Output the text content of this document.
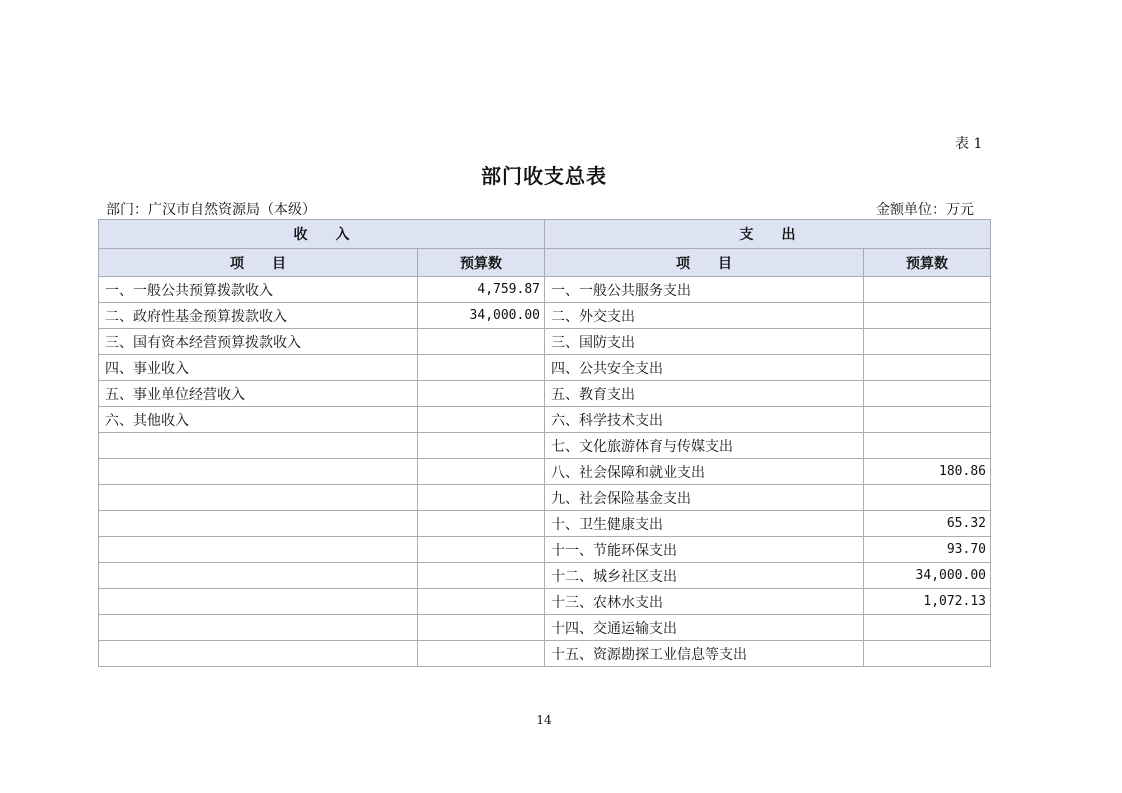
表 1
部门收支总表
部门：广汉市自然资源局（本级）	金额单位：万元
收　　入		支　　出	
项　　目	预算数	项　　目	预算数
一、一般公共预算拨款收入	4,759.87	一、一般公共服务支出	
二、政府性基金预算拨款收入	34,000.00	二、外交支出	
三、国有资本经营预算拨款收入		三、国防支出	
四、事业收入		四、公共安全支出	
五、事业单位经营收入		五、教育支出	
六、其他收入		六、科学技术支出	
		七、文化旅游体育与传媒支出	
		八、社会保障和就业支出	180.86
		九、社会保险基金支出	
		十、卫生健康支出	65.32
		十一、节能环保支出	93.70
		十二、城乡社区支出	34,000.00
		十三、农林水支出	1,072.13
		十四、交通运输支出	
		十五、资源勘探工业信息等支出	
14
